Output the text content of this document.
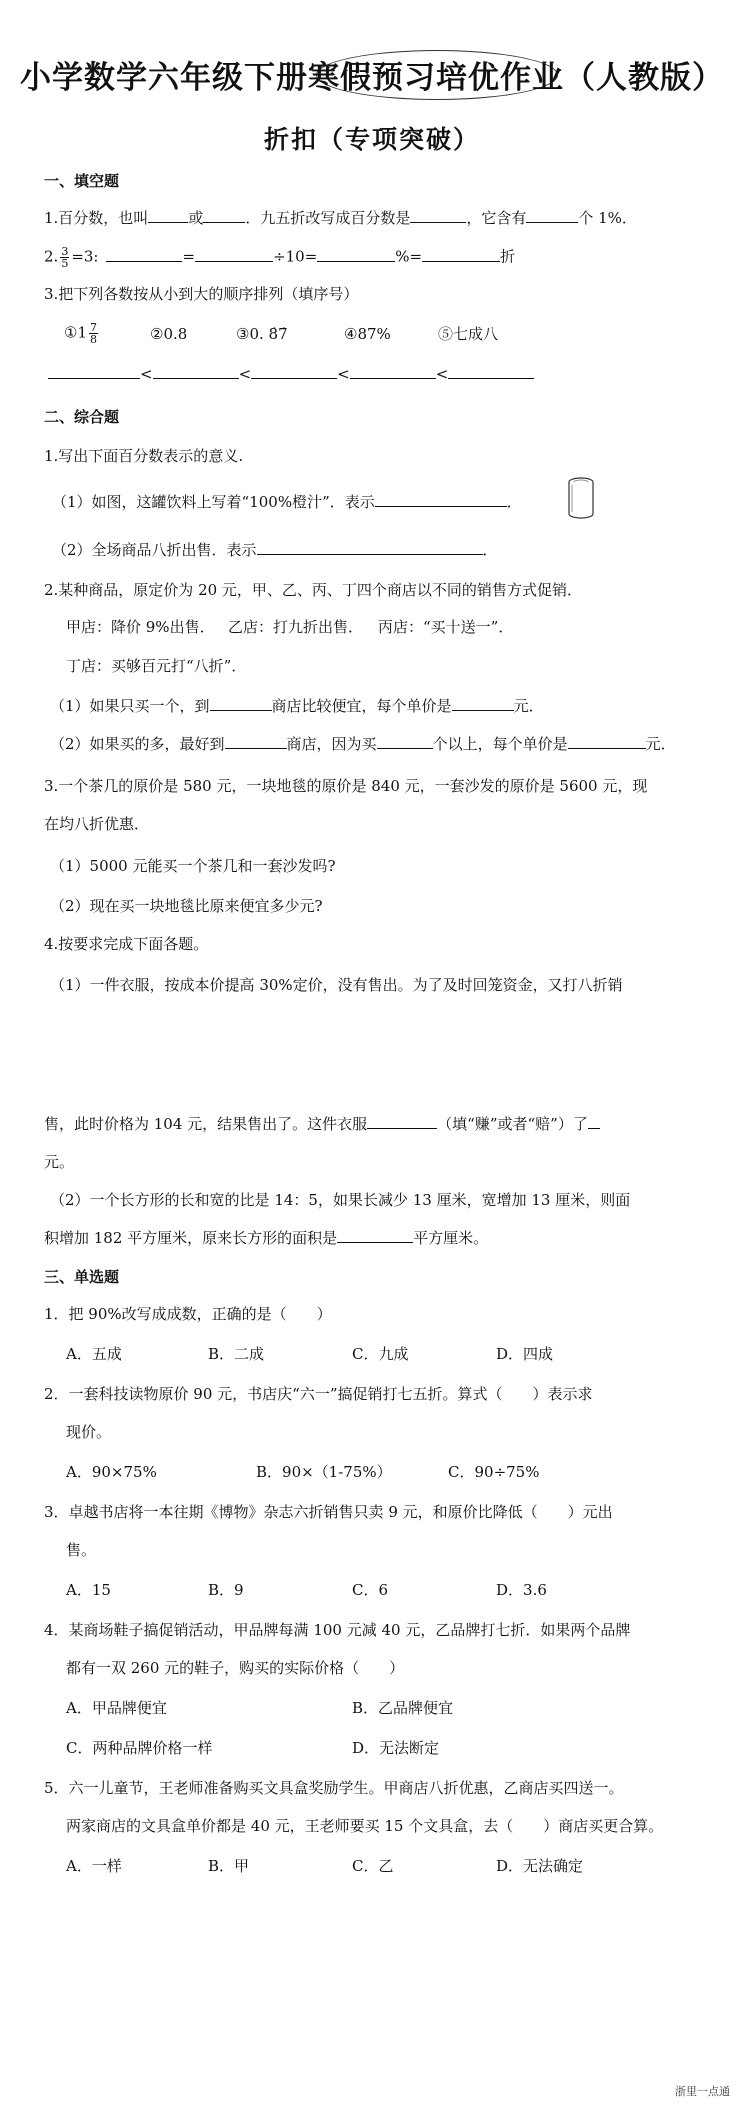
小学数学六年级下册寒假预习培优作业（人教版）
折扣（专项突破）
一、填空题
1.百分数，也叫	或	．九五折改写成百分数是	，它含有	个 1%．
2. $\frac{3}{5} =3$:	=	÷10=	%=	折
3.把下列各数按从小到大的顺序排列（填序号）
①1 $\frac{7}{8}$	②0.8	③0. 8̇7̇	④87%	⑤七成八
<	<	<	<
二、综合题
1.写出下面百分数表示的意义.
（1）如图，这罐饮料上写着“100%橙汁”．表示	．
（2）全场商品八折出售．表示	．
2.某种商品，原定价为 20 元，甲、乙、丙、丁四个商店以不同的销售方式促销．
甲店：降价 9%出售． 乙店：打九折出售． 丙店：“买十送一”．
丁店：买够百元打“八折”．
（1）如果只买一个，到	商店比较便宜，每个单价是	元．
（2）如果买的多，最好到	商店，因为买	个以上，每个单价是	元．
3.一个茶几的原价是 580 元，一块地毯的原价是 840 元，一套沙发的原价是 5600 元，现
在均八折优惠．
（1）5000 元能买一个茶几和一套沙发吗?
（2）现在买一块地毯比原来便宜多少元?
4.按要求完成下面各题。
（1）一件衣服，按成本价提高 30%定价，没有售出。为了及时回笼资金，又打八折销
售，此时价格为 104 元，结果售出了。这件衣服	（填“赚”或者“赔”）了
元。
（2）一个长方形的长和宽的比是 14：5，如果长减少 13 厘米，宽增加 13 厘米，则面
积增加 182 平方厘米，原来长方形的面积是	平方厘米。
三、单选题
1．把 90%改写成成数，正确的是（　　）
A．五成	B．二成	C．九成	D．四成
2．一套科技读物原价 90 元，书店庆“六一”搞促销打七五折。算式（　　）表示求
现价。
A．90×75%	B．90×（1-75%）	C．90÷75%
3．卓越书店将一本往期《博物》杂志六折销售只卖 9 元，和原价比降低（　　）元出
售。
A．15	B．9	C．6	D．3.6
4．某商场鞋子搞促销活动，甲品牌每满 100 元减 40 元，乙品牌打七折．如果两个品牌
都有一双 260 元的鞋子，购买的实际价格（　　）
A．甲品牌便宜	B．乙品牌便宜
C．两种品牌价格一样	D．无法断定
5．六一儿童节，王老师准备购买文具盒奖励学生。甲商店八折优惠，乙商店买四送一。
两家商店的文具盒单价都是 40 元，王老师要买 15 个文具盒，去（　　）商店买更合算。
A．一样	B．甲	C．乙	D．无法确定
浙里一点通
